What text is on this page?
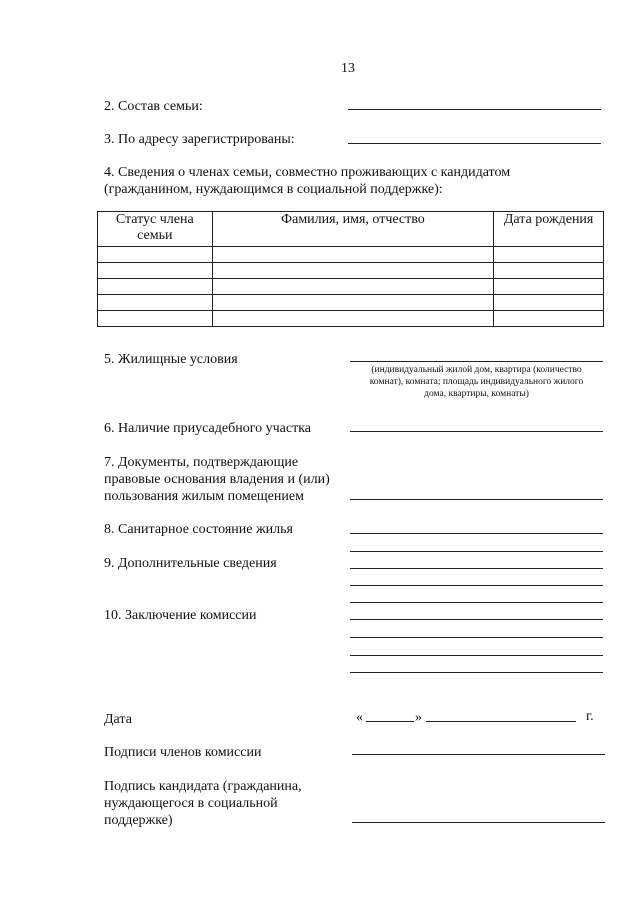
13
2. Состав семьи:
3. По адресу зарегистрированы:
4. Сведения о членах семьи, совместно проживающих с кандидатом
(гражданином, нуждающимся в социальной поддержке):
Статус члена семьи	Фамилия, имя, отчество	Дата рождения

5. Жилищные условия
(индивидуальный жилой дом, квартира (количество
комнат), комната; площадь индивидуального жилого
дома, квартиры, комнаты)
6. Наличие приусадебного участка
7. Документы, подтверждающие
правовые основания владения и (или)
пользования жилым помещением
8. Санитарное состояние жилья
9. Дополнительные сведения
10. Заключение комиссии
Дата	«	»	г.
Подписи членов комиссии
Подпись кандидата (гражданина,
нуждающегося в социальной
поддержке)
